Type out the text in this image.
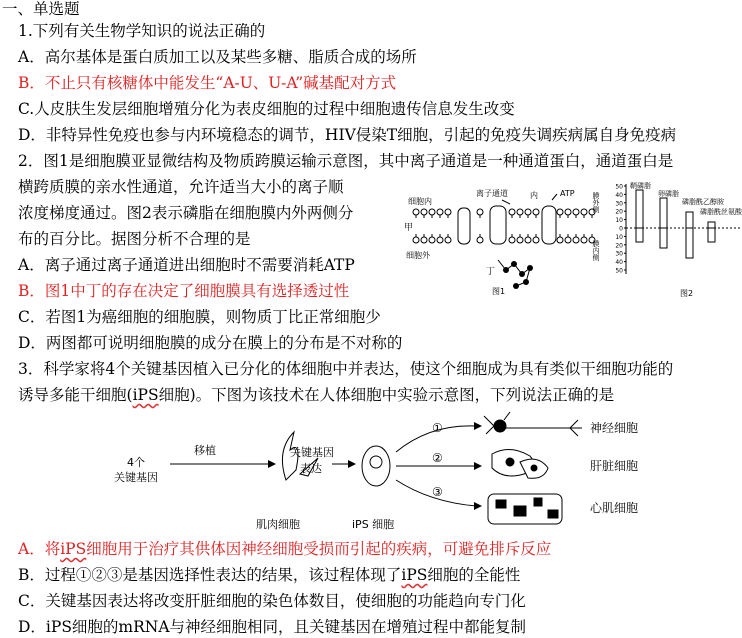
一、单选题
1.下列有关生物学知识的说法正确的
A．高尔基体是蛋白质加工以及某些多糖、脂质合成的场所
B．不止只有核糖体中能发生“A-U、U-A”碱基配对方式
C.人皮肤生发层细胞增殖分化为表皮细胞的过程中细胞遗传信息发生改变
D．非特异性免疫也参与内环境稳态的调节，HIV侵染T细胞，引起的免疫失调疾病属自身免疫病
2．图1是细胞膜亚显微结构及物质跨膜运输示意图，其中离子通道是一种通道蛋白，通道蛋白是
横跨质膜的亲水性通道，允许适当大小的离子顺
浓度梯度通过。图2表示磷脂在细胞膜内外两侧分
布的百分比。据图分析不合理的是
A．离子通过离子通道进出细胞时不需要消耗ATP
B．图1中丁的存在决定了细胞膜具有选择透过性
C．若图1为癌细胞的细胞膜，则物质丁比正常细胞少
D．两图都可说明细胞膜的成分在膜上的分布是不对称的
细胞内
甲
离子通道	内	ATP
细胞外
丁
图1
膜外侧
膜内侧
50
40
30
20
10
0
10
20
30
40
50
鞘磷脂
卵磷脂
磷脂酰乙醇胺
磷脂酰丝氨酸
图2
3．科学家将4个关键基因植入已分化的体细胞中并表达，使这个细胞成为具有类似干细胞功能的
诱导多能干细胞(iPS细胞)。下图为该技术在人体细胞中实验示意图，下列说法正确的是
4个关键基因
移植	关键基因表达
肌肉细胞	iPS 细胞
①
②
③
神经细胞
肝脏细胞
心肌细胞
A．将iPS细胞用于治疗其供体因神经细胞受损而引起的疾病，可避免排斥反应
B．过程①②③是基因选择性表达的结果，该过程体现了iPS细胞的全能性
C．关键基因表达将改变肝脏细胞的染色体数目，使细胞的功能趋向专门化
D．iPS细胞的mRNA与神经细胞相同，且关键基因在增殖过程中都能复制
